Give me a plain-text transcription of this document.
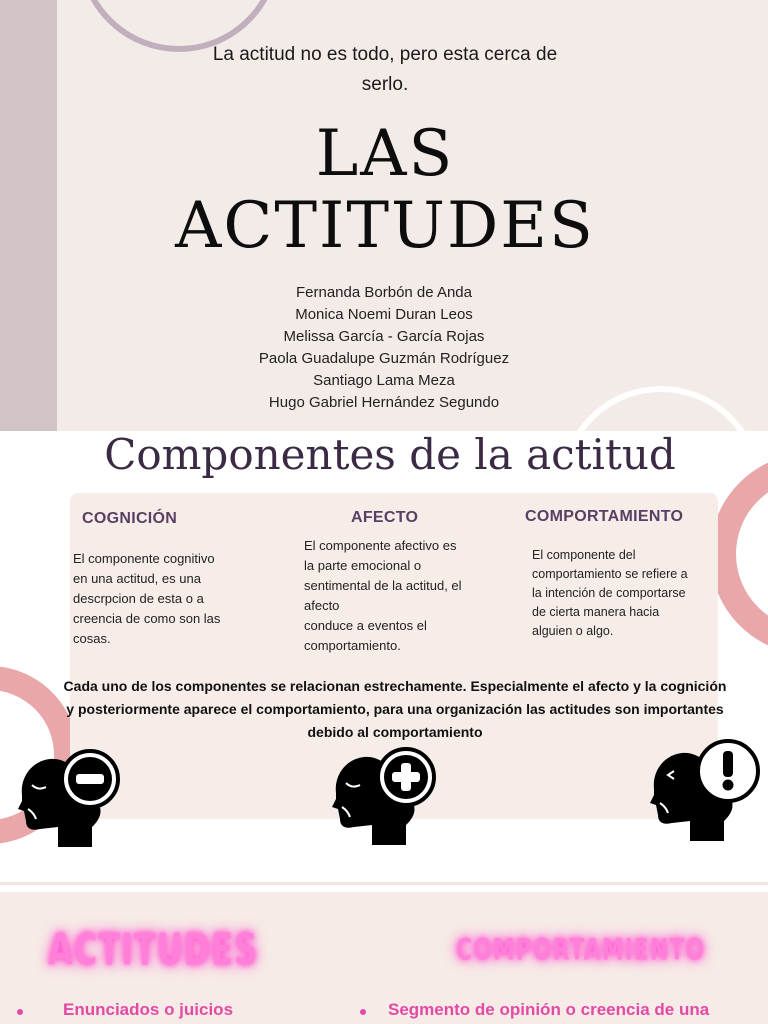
La actitud no es todo, pero esta cerca de serlo.
LAS
ACTITUDES
Fernanda Borbón de Anda
Monica Noemi Duran Leos
Melissa García - García Rojas
Paola Guadalupe Guzmán Rodríguez
Santiago Lama Meza
Hugo Gabriel Hernández Segundo
Componentes de la actitud
COGNICIÓN
El componente cognitivo
en una actitud, es una
descrpcion de esta o a
creencia de como son las
cosas.
AFECTO
El componente afectivo es
la parte emocional o
sentimental de la actitud, el
afecto
conduce a eventos el
comportamiento.
COMPORTAMIENTO
El componente del
comportamiento se refiere a
la intención de comportarse
de cierta manera hacia
alguien o algo.
Cada uno de los componentes se relacionan estrechamente. Especialmente el afecto y la cognición y posteriormente aparece el comportamiento, para una organización las actitudes son importantes debido al comportamiento
ACTITUDES	COMPORTAMIENTO
Enunciados o juicios	Segmento de opinión o creencia de una
